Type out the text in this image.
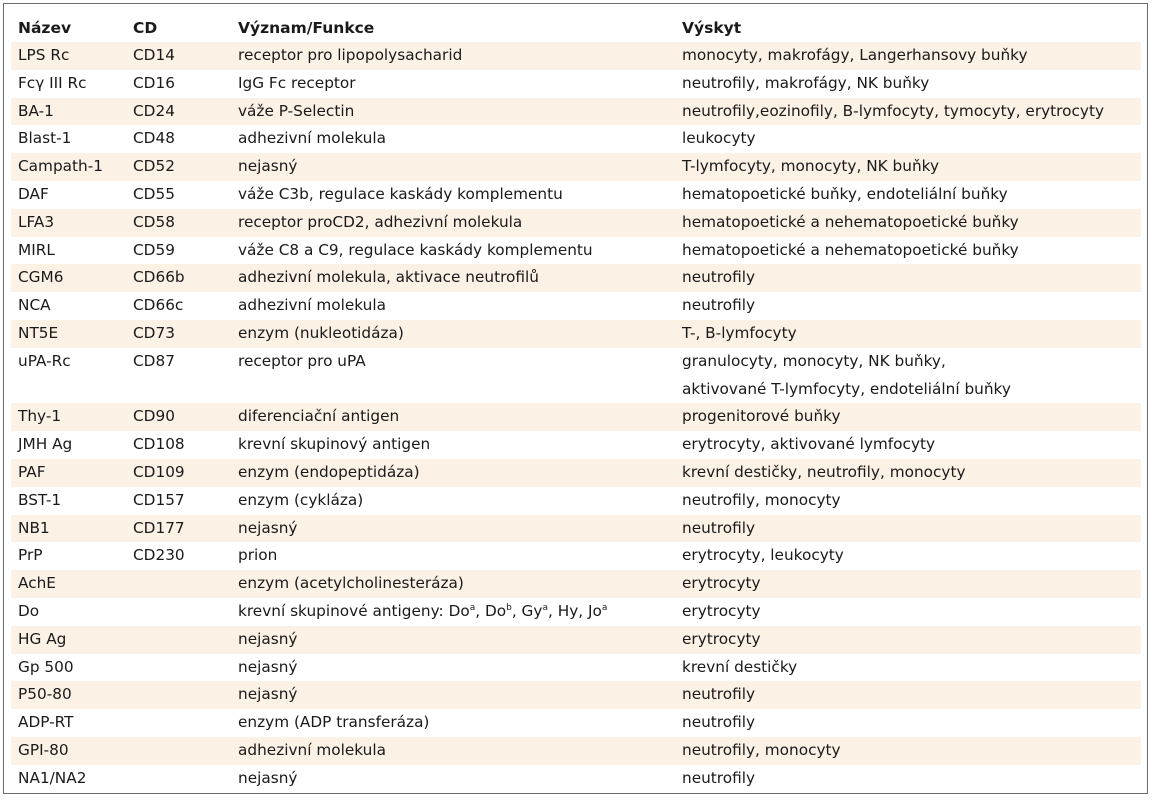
Název	CD	Význam/Funkce	Výskyt
LPS Rc	CD14	receptor pro lipopolysacharid	monocyty, makrofágy, Langerhansovy buňky
Fcγ III Rc	CD16	IgG Fc receptor	neutrofily, makrofágy, NK buňky
BA-1	CD24	váže P-Selectin	neutrofily,eozinofily, B-lymfocyty, tymocyty, erytrocyty
Blast-1	CD48	adhezivní molekula	leukocyty
Campath-1	CD52	nejasný	T-lymfocyty, monocyty, NK buňky
DAF	CD55	váže C3b, regulace kaskády komplementu	hematopoetické buňky, endoteliální buňky
LFA3	CD58	receptor proCD2, adhezivní molekula	hematopoetické a nehematopoetické buňky
MIRL	CD59	váže C8 a C9, regulace kaskády komplementu	hematopoetické a nehematopoetické buňky
CGM6	CD66b	adhezivní molekula, aktivace neutrofilů	neutrofily
NCA	CD66c	adhezivní molekula	neutrofily
NT5E	CD73	enzym (nukleotidáza)	T-, B-lymfocyty
uPA-Rc	CD87	receptor pro uPA	granulocyty, monocyty, NK buňky,
aktivované T-lymfocyty, endoteliální buňky

Thy-1	CD90	diferenciační antigen	progenitorové buňky
JMH Ag	CD108	krevní skupinový antigen	erytrocyty, aktivované lymfocyty
PAF	CD109	enzym (endopeptidáza)	krevní destičky, neutrofily, monocyty
BST-1	CD157	enzym (cykláza)	neutrofily, monocyty
NB1	CD177	nejasný	neutrofily
PrP	CD230	prion	erytrocyty, leukocyty
AchE		enzym (acetylcholinesteráza)	erytrocyty
Do		krevní skupinové antigeny: Do$^a$, Do$^b$, Gy$^a$, Hy, Jo$^a$	erytrocyty
HG Ag		nejasný	erytrocyty
Gp 500		nejasný	krevní destičky
P50-80		nejasný	neutrofily
ADP-RT		enzym (ADP transferáza)	neutrofily
GPI-80		adhezivní molekula	neutrofily, monocyty
NA1/NA2		nejasný	neutrofily
